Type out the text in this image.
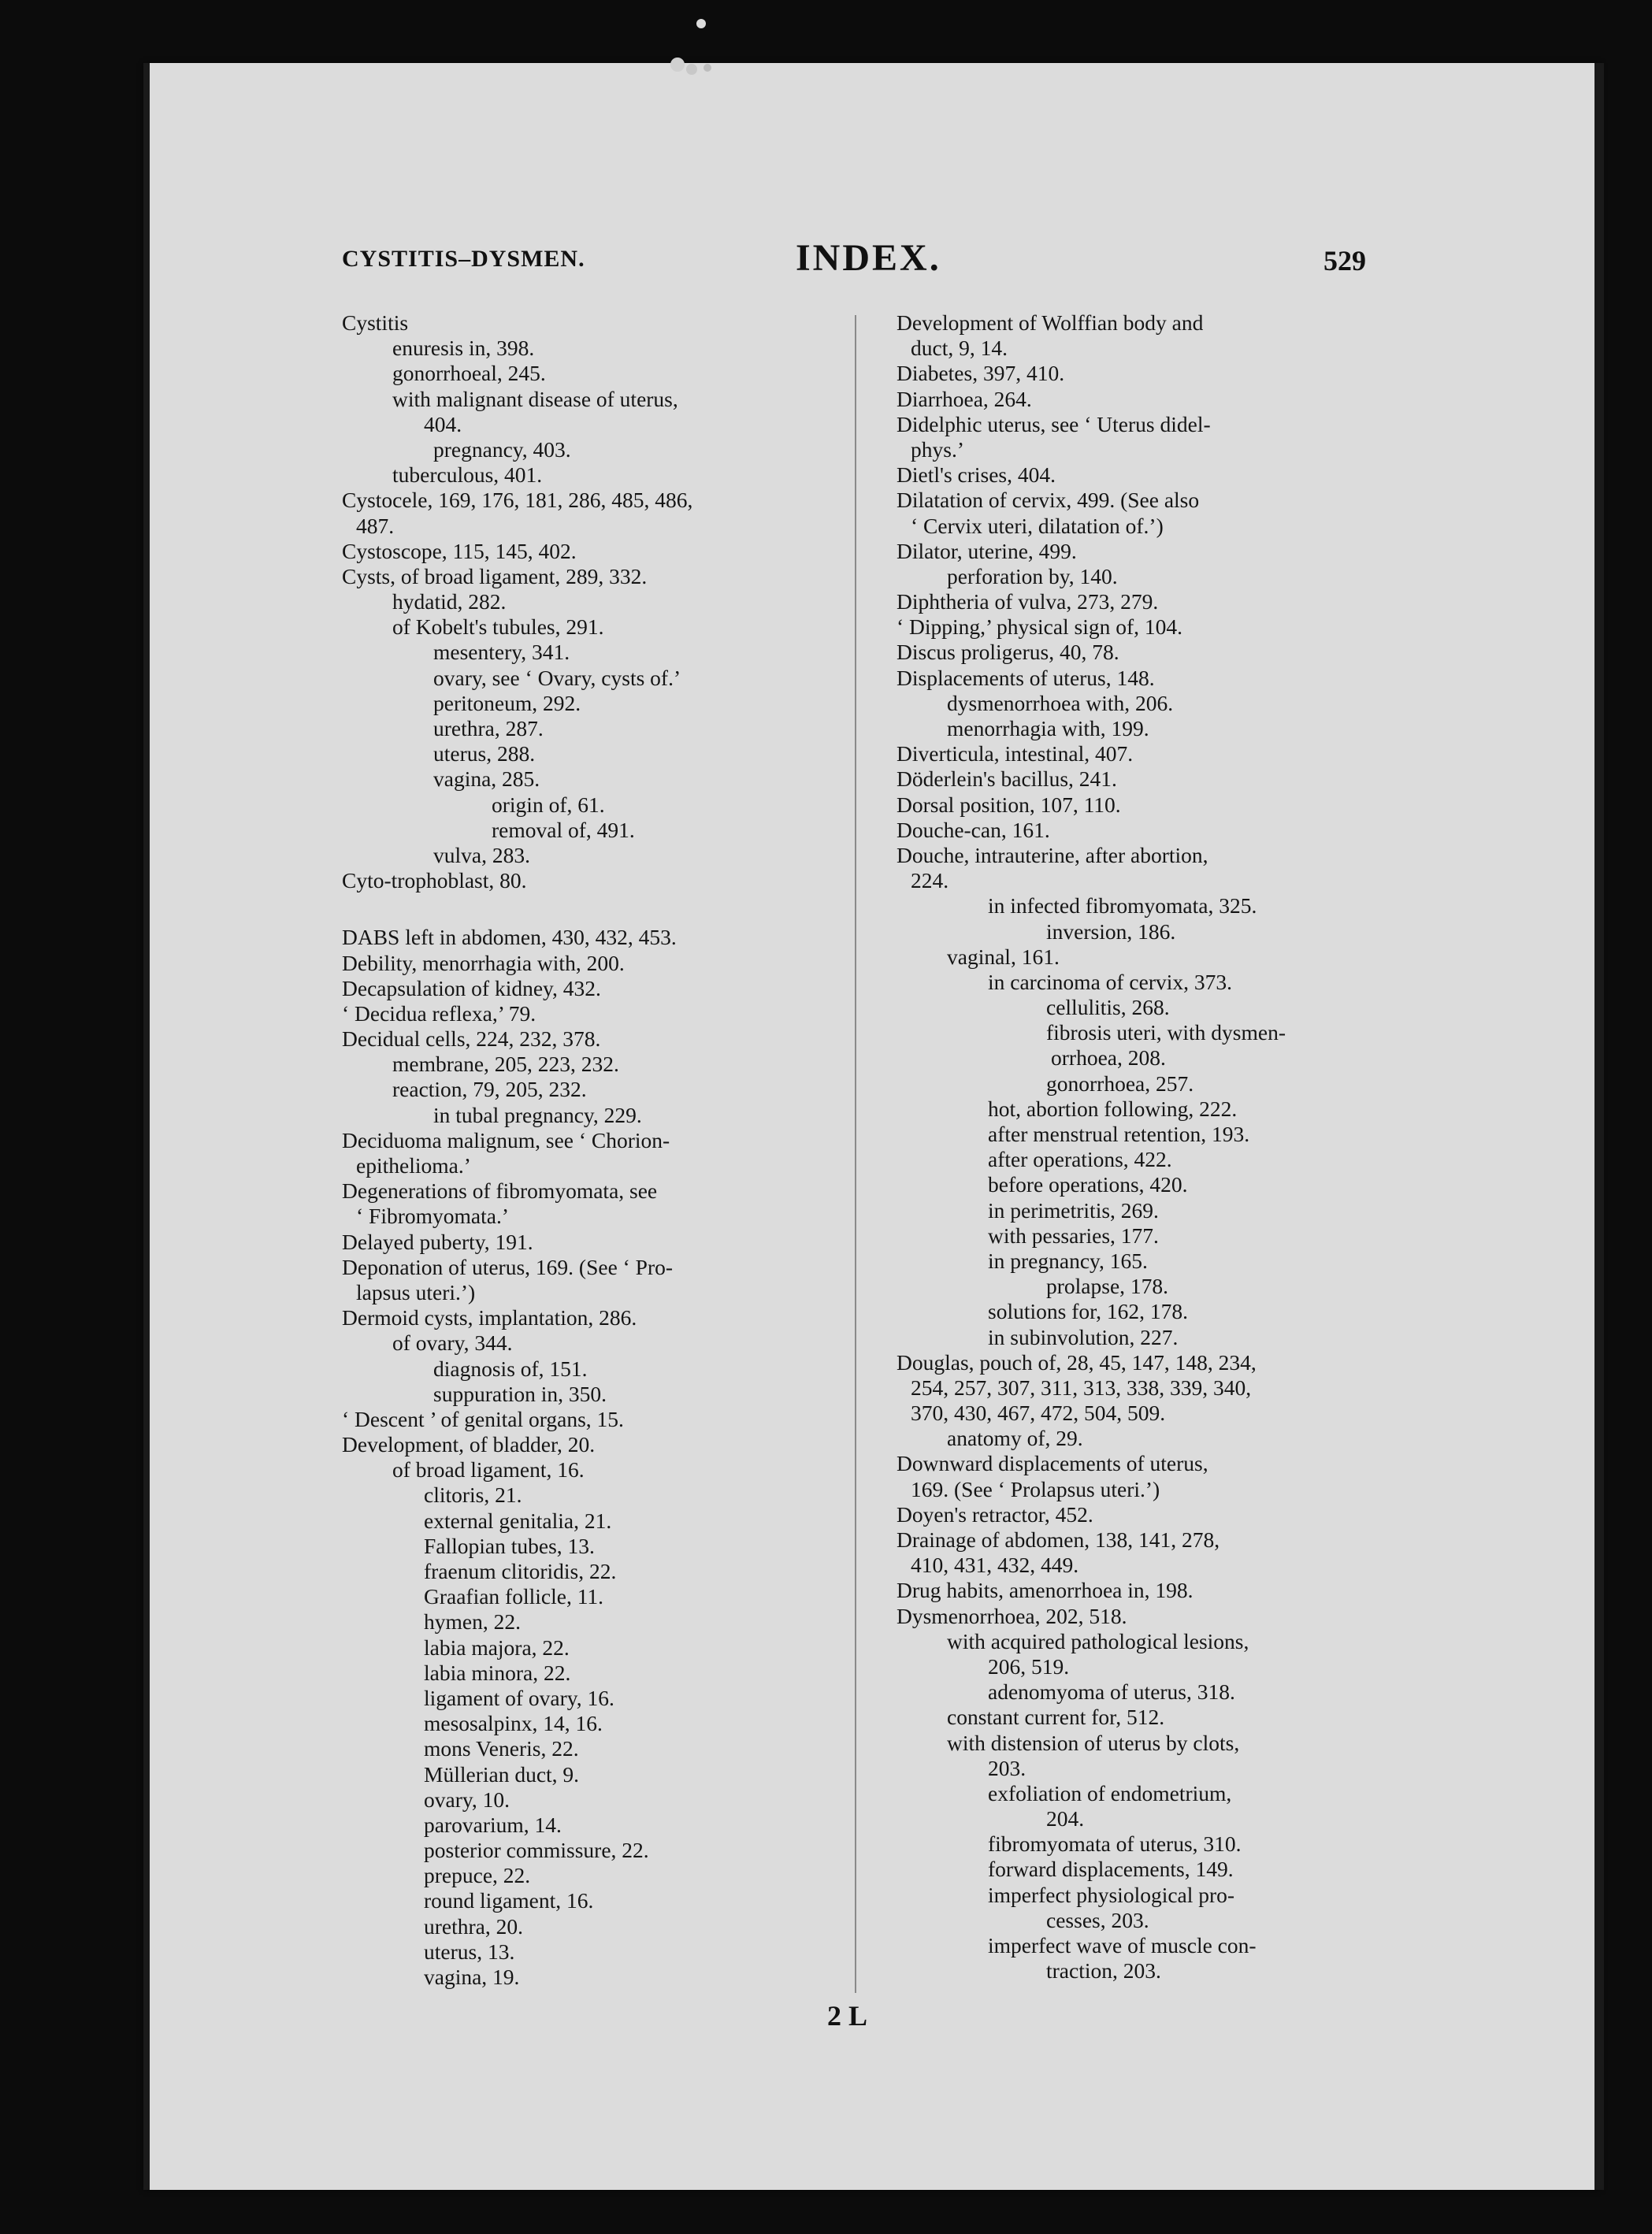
CYSTITIS–DYSMEN.	INDEX.	529
Cystitis
enuresis in, 398.
gonorrhoeal, 245.
with malignant disease of uterus,
404.
pregnancy, 403.
tuberculous, 401.
Cystocele, 169, 176, 181, 286, 485, 486,
487.
Cystoscope, 115, 145, 402.
Cysts, of broad ligament, 289, 332.
hydatid, 282.
of Kobelt's tubules, 291.
mesentery, 341.
ovary, see ‘ Ovary, cysts of.’
peritoneum, 292.
urethra, 287.
uterus, 288.
vagina, 285.
origin of, 61.
removal of, 491.
vulva, 283.
Cyto-trophoblast, 80.
DABS left in abdomen, 430, 432, 453.
Debility, menorrhagia with, 200.
Decapsulation of kidney, 432.
‘ Decidua reflexa,’ 79.
Decidual cells, 224, 232, 378.
membrane, 205, 223, 232.
reaction, 79, 205, 232.
in tubal pregnancy, 229.
Deciduoma malignum, see ‘ Chorion-
epithelioma.’
Degenerations of fibromyomata, see
‘ Fibromyomata.’
Delayed puberty, 191.
Deponation of uterus, 169. (See ‘ Pro-
lapsus uteri.’)
Dermoid cysts, implantation, 286.
of ovary, 344.
diagnosis of, 151.
suppuration in, 350.
‘ Descent ’ of genital organs, 15.
Development, of bladder, 20.
of broad ligament, 16.
clitoris, 21.
external genitalia, 21.
Fallopian tubes, 13.
fraenum clitoridis, 22.
Graafian follicle, 11.
hymen, 22.
labia majora, 22.
labia minora, 22.
ligament of ovary, 16.
mesosalpinx, 14, 16.
mons Veneris, 22.
Müllerian duct, 9.
ovary, 10.
parovarium, 14.
posterior commissure, 22.
prepuce, 22.
round ligament, 16.
urethra, 20.
uterus, 13.
vagina, 19.
Development of Wolffian body and
duct, 9, 14.
Diabetes, 397, 410.
Diarrhoea, 264.
Didelphic uterus, see ‘ Uterus didel-
phys.’
Dietl's crises, 404.
Dilatation of cervix, 499. (See also
‘ Cervix uteri, dilatation of.’)
Dilator, uterine, 499.
perforation by, 140.
Diphtheria of vulva, 273, 279.
‘ Dipping,’ physical sign of, 104.
Discus proligerus, 40, 78.
Displacements of uterus, 148.
dysmenorrhoea with, 206.
menorrhagia with, 199.
Diverticula, intestinal, 407.
Döderlein's bacillus, 241.
Dorsal position, 107, 110.
Douche-can, 161.
Douche, intrauterine, after abortion,
224.
in infected fibromyomata, 325.
inversion, 186.
vaginal, 161.
in carcinoma of cervix, 373.
cellulitis, 268.
fibrosis uteri, with dysmen-
orrhoea, 208.
gonorrhoea, 257.
hot, abortion following, 222.
after menstrual retention, 193.
after operations, 422.
before operations, 420.
in perimetritis, 269.
with pessaries, 177.
in pregnancy, 165.
prolapse, 178.
solutions for, 162, 178.
in subinvolution, 227.
Douglas, pouch of, 28, 45, 147, 148, 234,
254, 257, 307, 311, 313, 338, 339, 340,
370, 430, 467, 472, 504, 509.
anatomy of, 29.
Downward displacements of uterus,
169. (See ‘ Prolapsus uteri.’)
Doyen's retractor, 452.
Drainage of abdomen, 138, 141, 278,
410, 431, 432, 449.
Drug habits, amenorrhoea in, 198.
Dysmenorrhoea, 202, 518.
with acquired pathological lesions,
206, 519.
adenomyoma of uterus, 318.
constant current for, 512.
with distension of uterus by clots,
203.
exfoliation of endometrium,
204.
fibromyomata of uterus, 310.
forward displacements, 149.
imperfect physiological pro-
cesses, 203.
imperfect wave of muscle con-
traction, 203.
2 L
